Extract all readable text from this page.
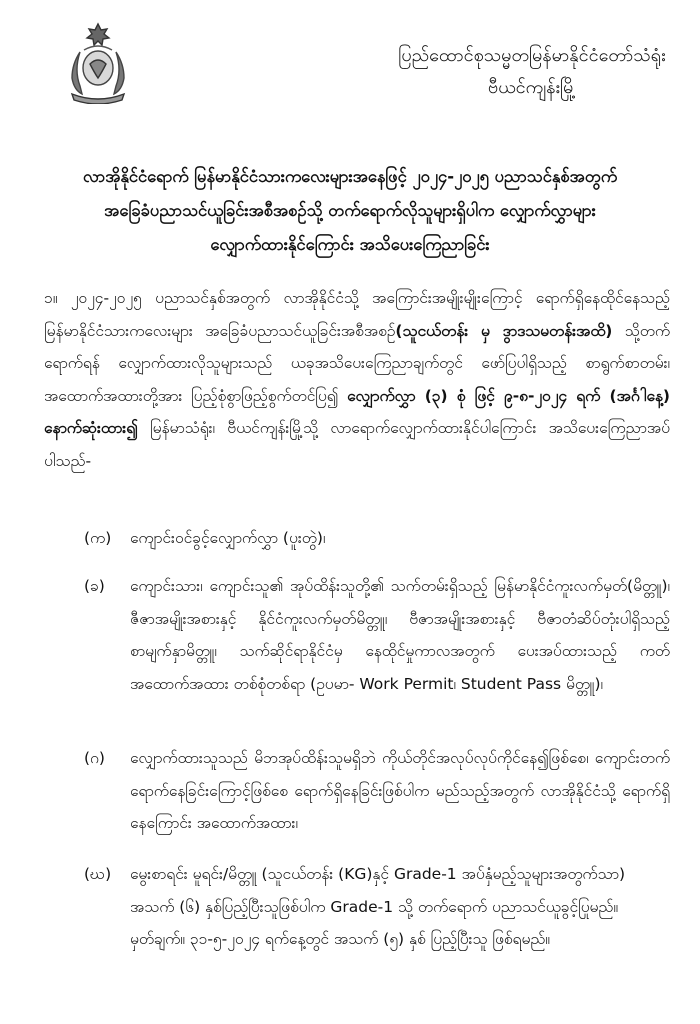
ပြည်ထောင်စုသမ္မတမြန်မာနိုင်ငံတော်သံရုံး
ဗီယင်ကျန်းမြို့
လာအိုနိုင်ငံရောက် မြန်မာနိုင်ငံသားကလေးများအနေဖြင့် ၂၀၂၄-၂၀၂၅ ပညာသင်နှစ်အတွက်
အခြေခံပညာသင်ယူခြင်းအစီအစဉ်သို့ တက်ရောက်လိုသူများရှိပါက လျှောက်လွှာများ
လျှောက်ထားနိုင်ကြောင်း အသိပေးကြေညာခြင်း
၁။ ၂၀၂၄-၂၀၂၅ ပညာသင်နှစ်အတွက် လာအိုနိုင်ငံသို့ အကြောင်းအမျိုးမျိုးကြောင့် ရောက်ရှိနေထိုင်နေသည့် မြန်မာနိုင်ငံသားကလေးများ အခြေခံပညာသင်ယူခြင်းအစီအစဉ်(သူငယ်တန်း မှ ဒွာဒသမတန်းအထိ) သို့တက်ရောက်ရန် လျှောက်ထားလိုသူများသည် ယခုအသိပေးကြေညာချက်တွင် ဖော်ပြပါရှိသည့် စာရွက်စာတမ်း၊ အထောက်အထားတို့အား ပြည့်စုံစွာဖြည့်စွက်တင်ပြ၍ လျှောက်လွှာ (၃) စုံ ဖြင့် ၉-၈-၂၀၂၄ ရက် (အင်္ဂါနေ့) နောက်ဆုံးထား၍ မြန်မာသံရုံး၊ ဗီယင်ကျန်းမြို့သို့ လာရောက်လျှောက်ထားနိုင်ပါကြောင်း အသိပေးကြေညာအပ်ပါသည်-
(က)	ကျောင်းဝင်ခွင့်လျှောက်လွှာ (ပူးတွဲ)၊
(ခ)	ကျောင်းသား၊ ကျောင်းသူ၏ အုပ်ထိန်းသူတို့၏ သက်တမ်းရှိသည့် မြန်မာနိုင်ငံကူးလက်မှတ်(မိတ္တူ)၊ ဇီဇာအမျိုးအစားနှင့် နိုင်ငံကူးလက်မှတ်မိတ္တူ၊ ဗီဇာအမျိုးအစားနှင့် ဗီဇာတံဆိပ်တုံးပါရှိသည့် စာမျက်နှာမိတ္တူ၊ သက်ဆိုင်ရာနိုင်ငံမှ နေထိုင်မှုကာလအတွက် ပေးအပ်ထားသည့် ကတ်အထောက်အထား တစ်စုံတစ်ရာ (ဥပမာ- Work Permit၊ Student Pass မိတ္တူ)၊
(ဂ)	လျှောက်ထားသူသည် မိဘအုပ်ထိန်းသူမရှိဘဲ ကိုယ်တိုင်အလုပ်လုပ်ကိုင်နေ၍ဖြစ်စေ၊ ကျောင်းတက်ရောက်နေခြင်းကြောင့်ဖြစ်စေ ရောက်ရှိနေခြင်းဖြစ်ပါက မည်သည့်အတွက် လာအိုနိုင်ငံသို့ ရောက်ရှိနေကြောင်း အထောက်အထား၊
(ဃ)	မွေးစာရင်း မူရင်း/မိတ္တူ (သူငယ်တန်း (KG)နှင့် Grade-1 အပ်နှံမည့်သူများအတွက်သာ)
အသက် (၆) နှစ်ပြည့်ပြီးသူဖြစ်ပါက Grade-1 သို့ တက်ရောက် ပညာသင်ယူခွင့်ပြုမည်။
မှတ်ချက်။ ၃၁-၅-၂၀၂၄ ရက်နေ့တွင် အသက် (၅) နှစ် ပြည့်ပြီးသူ ဖြစ်ရမည်။
